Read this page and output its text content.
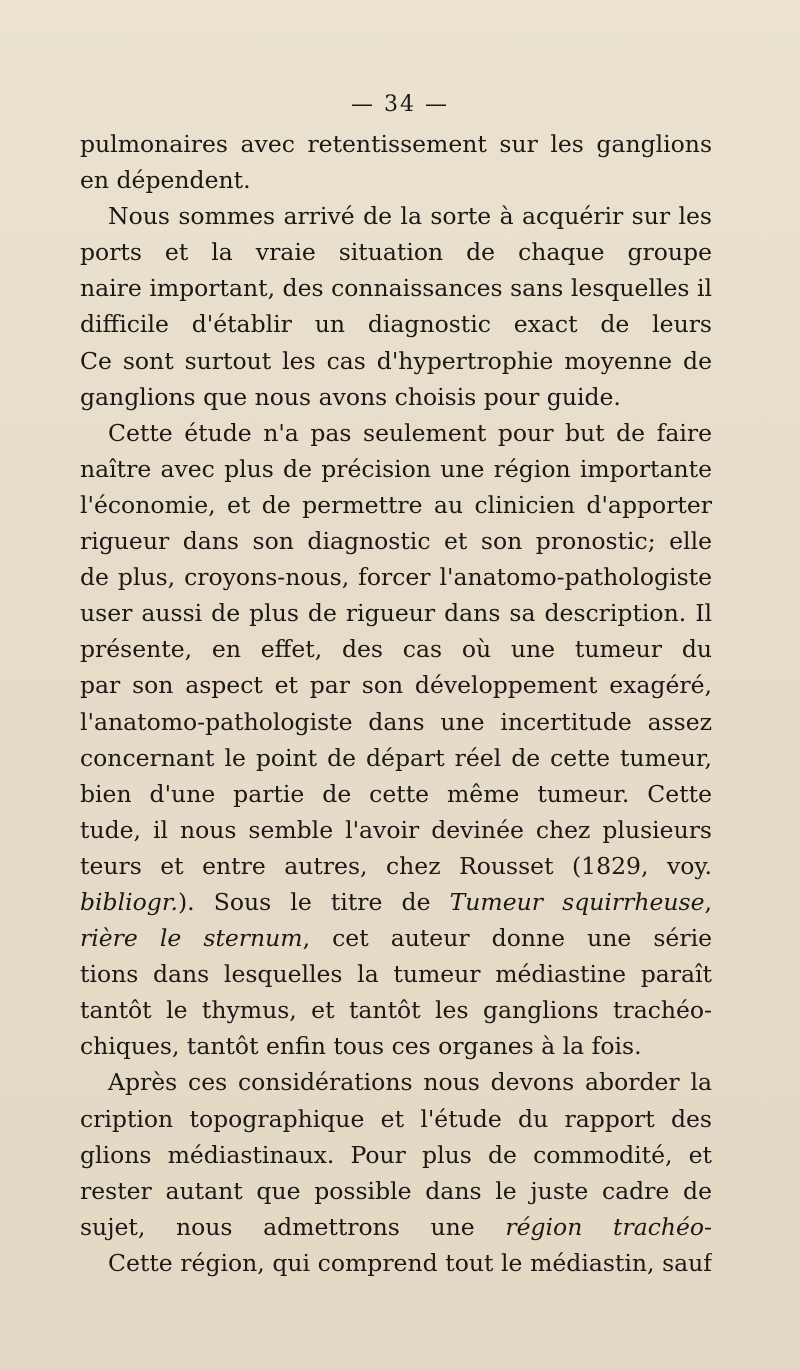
— 34 —
pulmonaires avec retentissement sur les ganglions
en dépendent.
Nous sommes arrivé de la sorte à acquérir sur les
ports et la vraie situation de chaque groupe
naire important, des connaissances sans lesquelles il
difficile d'établir un diagnostic exact de leurs
Ce sont surtout les cas d'hypertrophie moyenne de
ganglions que nous avons choisis pour guide.
Cette étude n'a pas seulement pour but de faire
naître avec plus de précision une région importante
l'économie, et de permettre au clinicien d'apporter
rigueur dans son diagnostic et son pronostic; elle
de plus, croyons-nous, forcer l'anatomo-pathologiste
user aussi de plus de rigueur dans sa description. Il
présente, en effet, des cas où une tumeur du
par son aspect et par son développement exagéré,
l'anatomo-pathologiste dans une incertitude assez
concernant le point de départ réel de cette tumeur,
bien d'une partie de cette même tumeur. Cette
tude, il nous semble l'avoir devinée chez plusieurs
teurs et entre autres, chez Rousset (1829, voy.
bibliogr.). Sous le titre de Tumeur squirrheuse,
rière le sternum, cet auteur donne une série
tions dans lesquelles la tumeur médiastine paraît
tantôt le thymus, et tantôt les ganglions trachéo-
chiques, tantôt enfin tous ces organes à la fois.
Après ces considérations nous devons aborder la
cription topographique et l'étude du rapport des
glions médiastinaux. Pour plus de commodité, et
rester autant que possible dans le juste cadre de
sujet, nous admettrons une région trachéo-
Cette région, qui comprend tout le médiastin, sauf
